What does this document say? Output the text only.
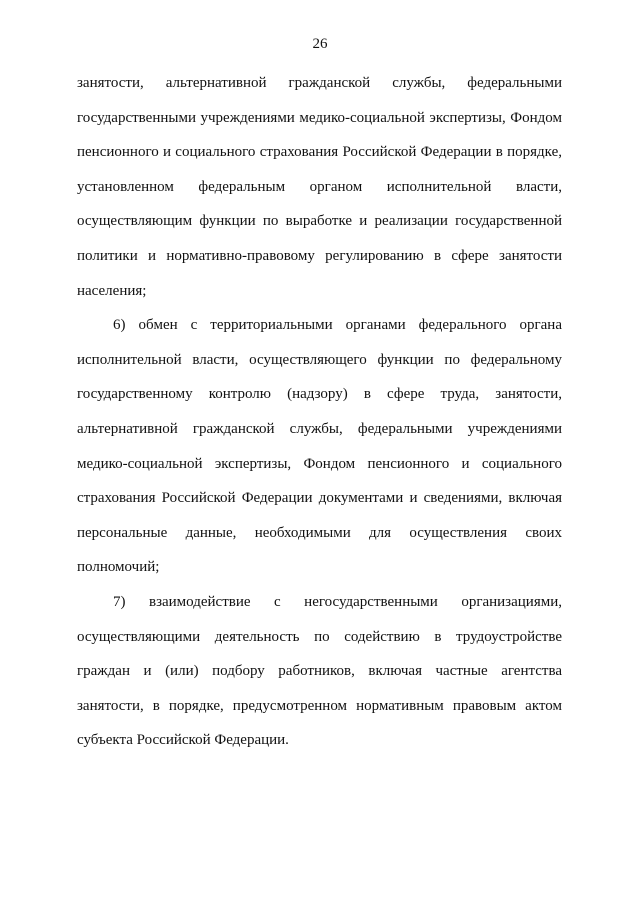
26
занятости, альтернативной гражданской службы, федеральными
государственными учреждениями медико-социальной экспертизы, Фондом
пенсионного и социального страхования Российской Федерации в порядке,
установленном федеральным органом исполнительной власти,
осуществляющим функции по выработке и реализации государственной
политики и нормативно-правовому регулированию в сфере занятости
населения;
6) обмен с территориальными органами федерального органа
исполнительной власти, осуществляющего функции по федеральному
государственному контролю (надзору) в сфере труда, занятости,
альтернативной гражданской службы, федеральными учреждениями
медико-социальной экспертизы, Фондом пенсионного и социального
страхования Российской Федерации документами и сведениями, включая
персональные данные, необходимыми для осуществления своих
полномочий;
7) взаимодействие с негосударственными организациями,
осуществляющими деятельность по содействию в трудоустройстве
граждан и (или) подбору работников, включая частные агентства
занятости, в порядке, предусмотренном нормативным правовым актом
субъекта Российской Федерации.
